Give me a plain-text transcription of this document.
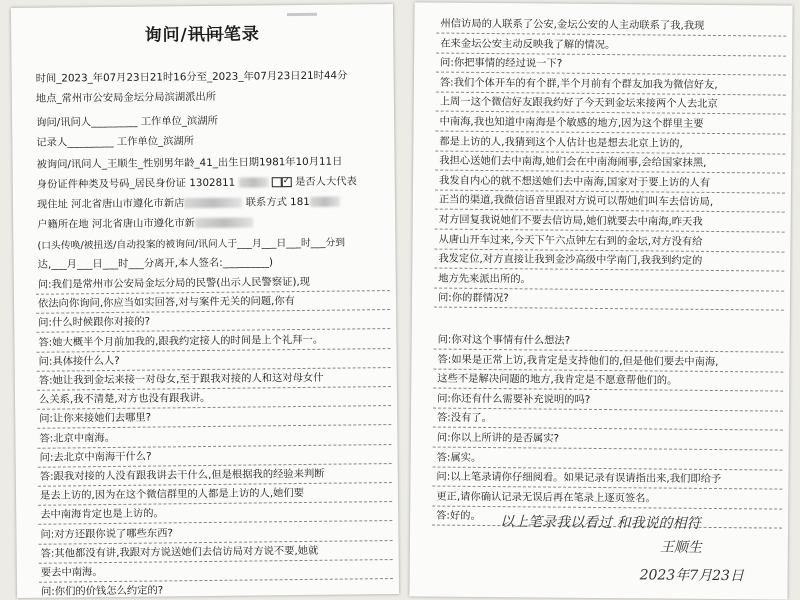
询问/讯问笔录
时间_2023_年07月23日21时16分至_2023_年07月23日21时44分
地点_常州市公安局金坛分局滨湖派出所
询问/讯问人_________ 工作单位_滨湖所
记录人_________ 工作单位_滨湖所
被询问/讯问人_王顺生_性别男年龄_41_出生日期1981年10月11日
身份证件种类及号码_居民身份证 1302811  ✓	是否人大代表
现住址 河北省唐山市遵化市新店	联系方式 181
户籍所在地 河北省唐山市遵化市新
(口头传唤/被扭送/自动投案的被询问/讯问人于___月___日___时___分到
达,___月___日___时___分离开,本人签名:_________)
问:我们是常州市公安局金坛分局的民警(出示人民警察证),现
依法向你询问,你应当如实回答,对与案件无关的问题,你有
问:什么时候跟你对接的?
答:她大概半个月前加我的,跟我约定接人的时间是上个礼拜一。
问:具体接什么人?
答:她让我到金坛来接一对母女,至于跟我对接的人和这对母女什
么关系,我不清楚,对方也没有跟我讲。
问:让你来接她们去哪里?
答:北京中南海。
问:去北京中南海干什么?
答:跟我对接的人没有跟我讲去干什么,但是根据我的经验来判断
是去上访的,因为在这个微信群里的人都是上访的人,她们要
去中南海肯定也是上访的。
问:对方还跟你说了哪些东西?
答:其他都没有讲,我跟对方说送她们去信访局对方说不要,她就
要去中南海。
问:你们的价钱怎么约定的?
州信访局的人联系了公安,金坛公安的人主动联系了我,我现
在来金坛公安主动反映我了解的情况。
问:你把事情的经过说一下?
答:我们个体开车的有个群,半个月前有个群友加我为微信好友,
上周一这个微信好友跟我约好了今天到金坛来接两个人去北京
中南海,我也知道中南海是个敏感的地方,因为这个群里主要
都是上访的人,我猜到这个人估计也是想去北京上访的,
我担心送她们去中南海,她们会在中南海闹事,会给国家抹黑,
我发自内心的就不想送她们去中南海,国家对于要上访的人有
正当的渠道,我微信语音里跟对方说可以帮她们叫车去信访局,
对方回复我说她们不要去信访局,她们就要去中南海,昨天我
从唐山开车过来,今天下午六点钟左右到的金坛,对方没有给
我发定位,对方直接让我到金沙高级中学南门,我我到约定的
地方先来派出所的。
问:你的群情况?
问:你对这个事情有什么想法?
答:如果是正常上访,我肯定是支持他们的,但是他们要去中南海,
这些不是解决问题的地方,我肯定是不愿意帮他们的。
问:你还有什么需要补充说明的吗?
答:没有了。
问:你以上所讲的是否属实?
答:属实。
问:以上笔录请你仔细阅看。如果记录有误请指出来,我们即给予
更正,请你确认记录无误后再在笔录上逐页签名。
答:好的。	以上笔录我以看过 和我说的相符
王顺生
2023年7月23日
